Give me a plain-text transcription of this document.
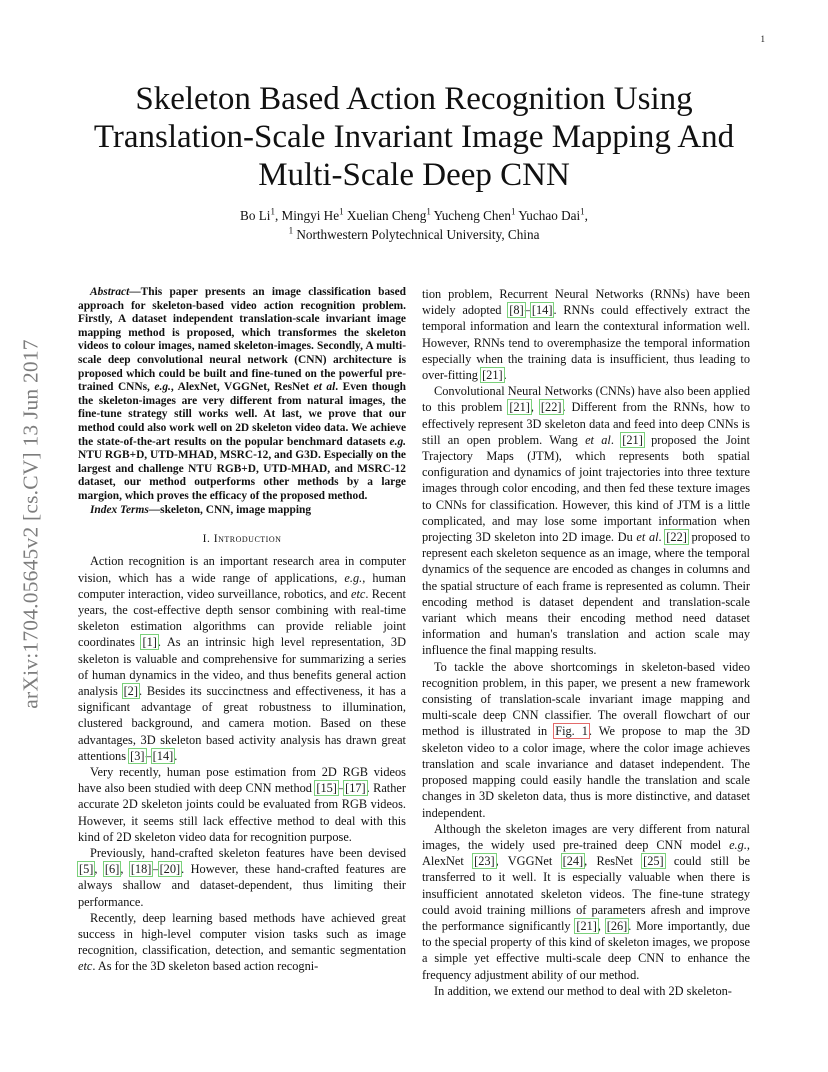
1
arXiv:1704.05645v2 [cs.CV] 13 Jun 2017
Skeleton Based Action Recognition Using
Translation-Scale Invariant Image Mapping And
Multi-Scale Deep CNN
Bo Li$^1$, Mingyi He$^1$ Xuelian Cheng$^1$ Yucheng Chen$^1$ Yuchao Dai$^1$,
$^1$ Northwestern Polytechnical University, China

Abstract—This paper presents an image classification based approach for skeleton-based video action recognition problem. Firstly, A dataset independent translation-scale invariant image mapping method is proposed, which transformes the skeleton videos to colour images, named skeleton-images. Secondly, A multi-scale deep convolutional neural network (CNN) architecture is proposed which could be built and fine-tuned on the powerful pre-trained CNNs, e.g., AlexNet, VGGNet, ResNet et al. Even though the skeleton-images are very different from natural images, the fine-tune strategy still works well. At last, we prove that our method could also work well on 2D skeleton video data. We achieve the state-of-the-art results on the popular benchmard datasets e.g. NTU RGB+D, UTD-MHAD, MSRC-12, and G3D. Especially on the largest and challenge NTU RGB+D, UTD-MHAD, and MSRC-12 dataset, our method outperforms other methods by a large margion, which proves the efficacy of the proposed method.

Index Terms—skeleton, CNN, image mapping

I. Introduction

Action recognition is an important research area in computer vision, which has a wide range of applications, e.g., human computer interaction, video surveillance, robotics, and etc. Recent years, the cost-effective depth sensor combining with real-time skeleton estimation algorithms can provide reliable joint coordinates [1]. As an intrinsic high level representation, 3D skeleton is valuable and comprehensive for summarizing a series of human dynamics in the video, and thus benefits general action analysis [2]. Besides its succinctness and effectiveness, it has a significant advantage of great robustness to illumination, clustered background, and camera motion. Based on these advantages, 3D skeleton based activity analysis has drawn great attentions [3]–[14].

Very recently, human pose estimation from 2D RGB videos have also been studied with deep CNN method [15]–[17]. Rather accurate 2D skeleton joints could be evaluated from RGB videos. However, it seems still lack effective method to deal with this kind of 2D skeleton video data for recognition purpose.

Previously, hand-crafted skeleton features have been devised [5], [6], [18]–[20]. However, these hand-crafted features are always shallow and dataset-dependent, thus limiting their performance.

Recently, deep learning based methods have achieved great success in high-level computer vision tasks such as image recognition, classification, detection, and semantic segmentation etc. As for the 3D skeleton based action recogni-

tion problem, Recurrent Neural Networks (RNNs) have been widely adopted [8]–[14]. RNNs could effectively extract the temporal information and learn the contextural information well. However, RNNs tend to overemphasize the temporal information especially when the training data is insufficient, thus leading to over-fitting [21].

Convolutional Neural Networks (CNNs) have also been applied to this problem [21], [22]. Different from the RNNs, how to effectively represent 3D skeleton data and feed into deep CNNs is still an open problem. Wang et al. [21] proposed the Joint Trajectory Maps (JTM), which represents both spatial configuration and dynamics of joint trajectories into three texture images through color encoding, and then fed these texture images to CNNs for classification. However, this kind of JTM is a little complicated, and may lose some important information when projecting 3D skeleton into 2D image. Du et al. [22] proposed to represent each skeleton sequence as an image, where the temporal dynamics of the sequence are encoded as changes in columns and the spatial structure of each frame is represented as column. Their encoding method is dataset dependent and translation-scale variant which means their encoding method need dataset information and human's translation and action scale may influence the final mapping results.

To tackle the above shortcomings in skeleton-based video recognition problem, in this paper, we present a new framework consisting of translation-scale invariant image mapping and multi-scale deep CNN classifier. The overall flowchart of our method is illustrated in Fig. 1. We propose to map the 3D skeleton video to a color image, where the color image achieves translation and scale invariance and dataset independent. The proposed mapping could easily handle the translation and scale changes in 3D skeleton data, thus is more distinctive, and dataset independent.

Although the skeleton images are very different from natural images, the widely used pre-trained deep CNN model e.g., AlexNet [23], VGGNet [24], ResNet [25] could still be transferred to it well. It is especially valuable when there is insufficient annotated skeleton videos. The fine-tune strategy could avoid training millions of parameters afresh and improve the performance significantly [21], [26]. More importantly, due to the special property of this kind of skeleton images, we propose a simple yet effective multi-scale deep CNN to enhance the frequency adjustment ability of our method.

In addition, we extend our method to deal with 2D skeleton-
